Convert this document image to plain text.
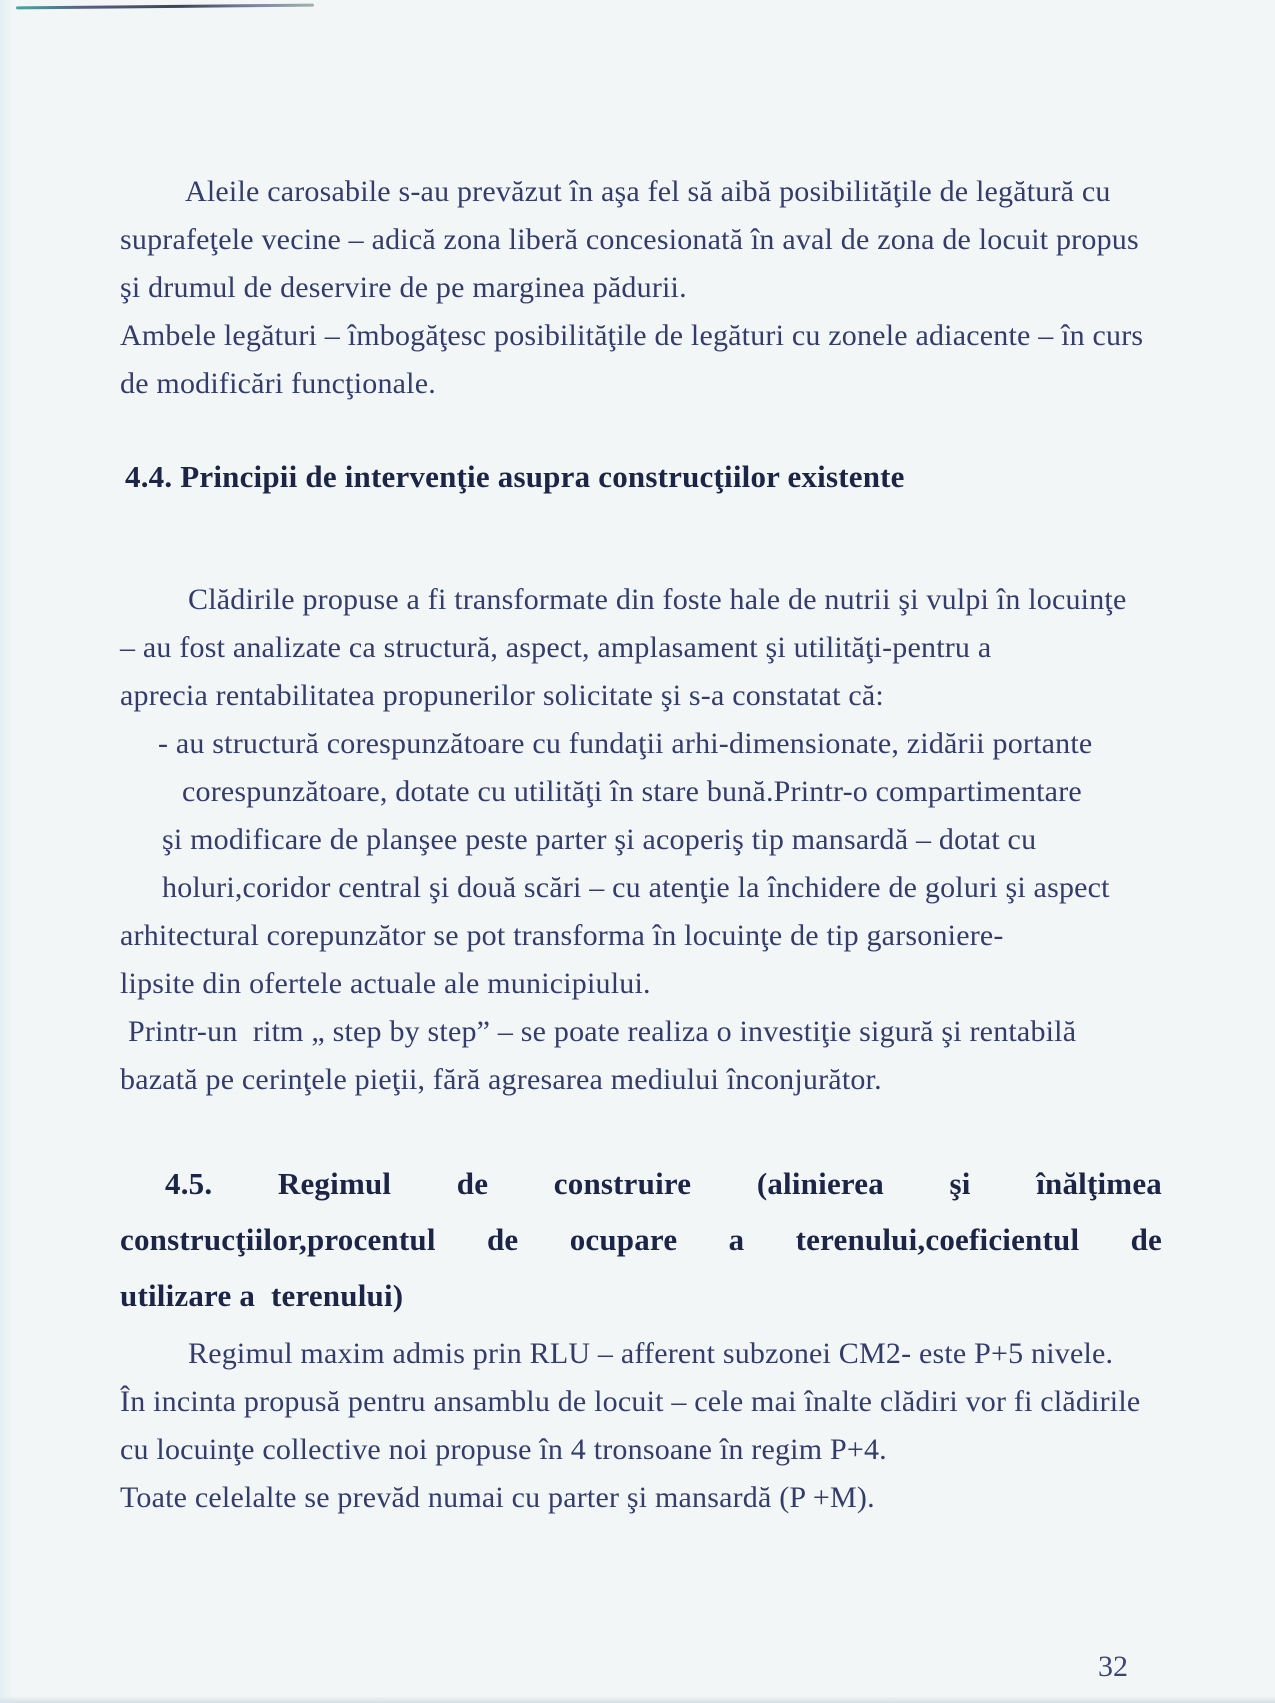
Aleile carosabile s-au prevăzut în aşa fel să aibă posibilităţile de legătură cu
suprafeţele vecine – adică zona liberă concesionată în aval de zona de locuit propus
şi drumul de deservire de pe marginea pădurii.
Ambele legături – îmbogăţesc posibilităţile de legături cu zonele adiacente – în curs
de modificări funcţionale.
4.4. Principii de intervenţie asupra construcţiilor existente
Clădirile propuse a fi transformate din foste hale de nutrii şi vulpi în locuinţe
– au fost analizate ca structură, aspect, amplasament şi utilităţi-pentru a
aprecia rentabilitatea propunerilor solicitate şi s-a constatat că:
- au structură corespunzătoare cu fundaţii arhi-dimensionate, zidării portante
corespunzătoare, dotate cu utilităţi în stare bună.Printr-o compartimentare
şi modificare de planşee peste parter şi acoperiş tip mansardă – dotat cu
holuri,coridor central şi două scări – cu atenţie la închidere de goluri şi aspect
arhitectural corepunzător se pot transforma în locuinţe de tip garsoniere-
lipsite din ofertele actuale ale municipiului.
Printr-un  ritm „ step by step” – se poate realiza o investiţie sigură şi rentabilă
bazată pe cerinţele pieţii, fără agresarea mediului înconjurător.
4.5. Regimul de construire (alinierea şi înălţimea
construcţiilor,procentul de ocupare a terenului,coeficientul de
utilizare a  terenului)
Regimul maxim admis prin RLU – afferent subzonei CM2- este P+5 nivele.
În incinta propusă pentru ansamblu de locuit – cele mai înalte clădiri vor fi clădirile
cu locuinţe collective noi propuse în 4 tronsoane în regim P+4.
Toate celelalte se prevăd numai cu parter şi mansardă (P +M).
32
